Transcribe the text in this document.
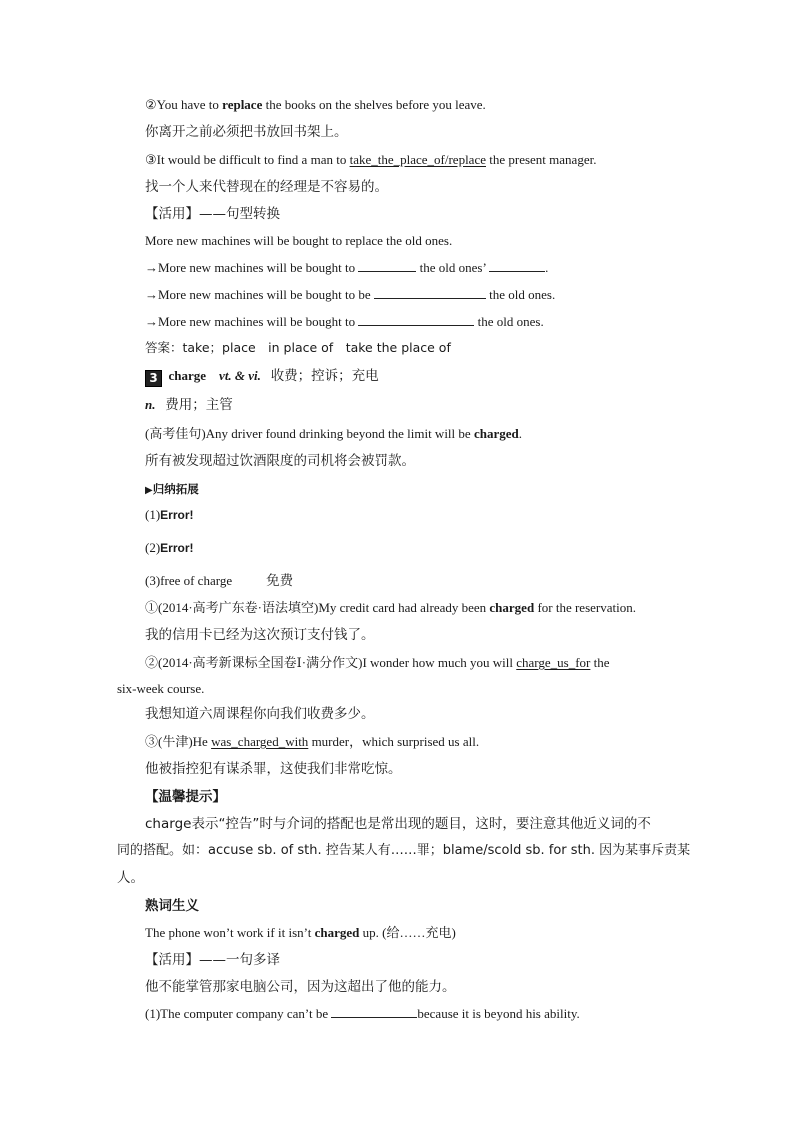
②You have to replace the books on the shelves before you leave.
你离开之前必须把书放回书架上。
③It would be difficult to find a man to take_the_place_of/replace the present manager.
找一个人来代替现在的经理是不容易的。
【活用】——句型转换
More new machines will be bought to replace the old ones.
→More new machines will be bought to	the old ones’	.
→More new machines will be bought to be	the old ones.
→More new machines will be bought to	the old ones.
答案：take；place　in place of　take the place of
3 charge vt. & vi. 收费；控诉；充电
n. 费用；主管
(高考佳句)Any driver found drinking beyond the limit will be charged.
所有被发现超过饮酒限度的司机将会被罚款。
▶归纳拓展
(1)Error!
(2)Error!
(3)free of charge	免费
①(2014·高考广东卷·语法填空)My credit card had already been charged for the reservation.
我的信用卡已经为这次预订支付钱了。
②(2014·高考新课标全国卷Ⅰ·满分作文)I wonder how much you will charge_us_for the
six-week course.
我想知道六周课程你向我们收费多少。
③(牛津)He was_charged_with murder，which surprised us all.
他被指控犯有谋杀罪，这使我们非常吃惊。
【温馨提示】
charge表示“控告”时与介词的搭配也是常出现的题目，这时，要注意其他近义词的不
同的搭配。如：accuse sb. of sth. 控告某人有……罪；blame/scold sb. for sth. 因为某事斥责某
人。
熟词生义
The phone won’t work if it isn’t charged up. (给……充电)
【活用】——一句多译
他不能掌管那家电脑公司，因为这超出了他的能力。
(1)The computer company can’t be	because it is beyond his ability.
